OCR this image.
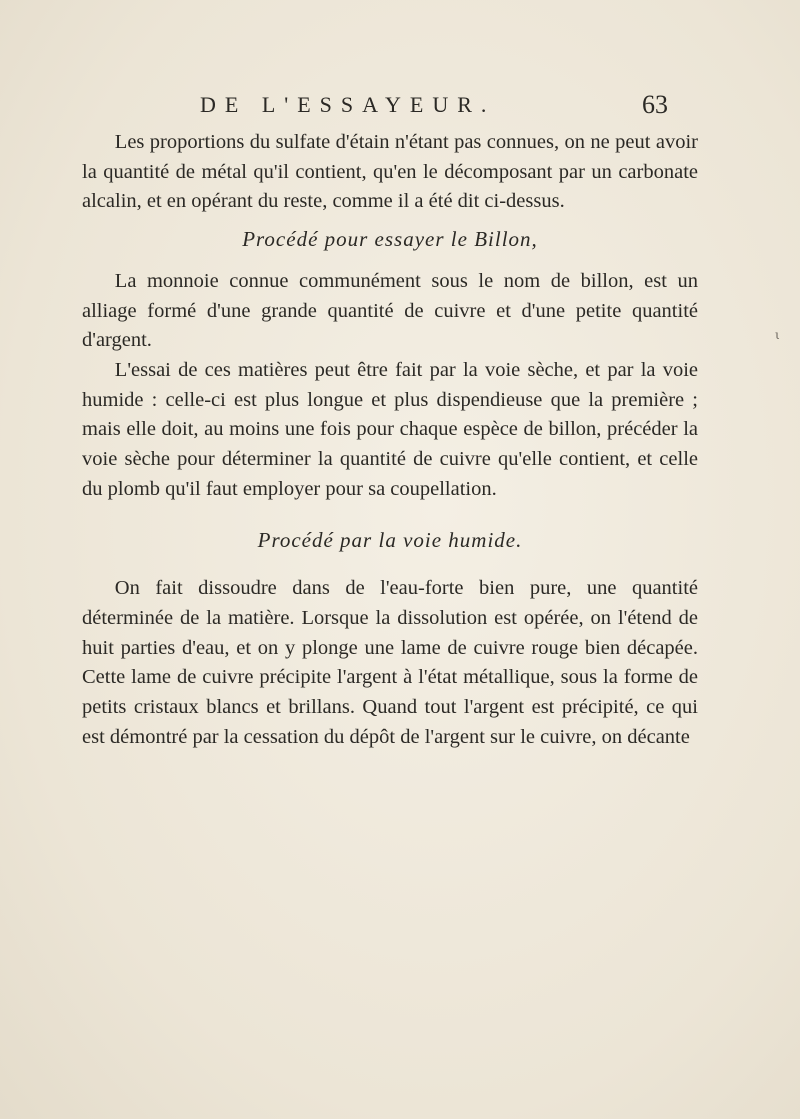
DE L'ESSAYEUR.	63
ι

Les proportions du sulfate d'étain n'étant pas connues, on ne peut avoir la quantité de métal qu'il contient, qu'en le décomposant par un carbonate alcalin, et en opérant du reste, comme il a été dit ci-dessus.

Procédé pour essayer le Billon,

La monnoie connue communément sous le nom de billon, est un alliage formé d'une grande quantité de cuivre et d'une petite quantité d'argent.

L'essai de ces matières peut être fait par la voie sèche, et par la voie humide : celle-ci est plus longue et plus dispendieuse que la première ; mais elle doit, au moins une fois pour chaque espèce de billon, précéder la voie sèche pour déterminer la quantité de cuivre qu'elle contient, et celle du plomb qu'il faut employer pour sa coupellation.

Procédé par la voie humide.

On fait dissoudre dans de l'eau-forte bien pure, une quantité déterminée de la matière. Lorsque la dissolution est opérée, on l'étend de huit parties d'eau, et on y plonge une lame de cuivre rouge bien décapée. Cette lame de cuivre précipite l'argent à l'état métallique, sous la forme de petits cristaux blancs et brillans. Quand tout l'argent est précipité, ce qui est démontré par la cessation du dépôt de l'argent sur le cuivre, on décante
